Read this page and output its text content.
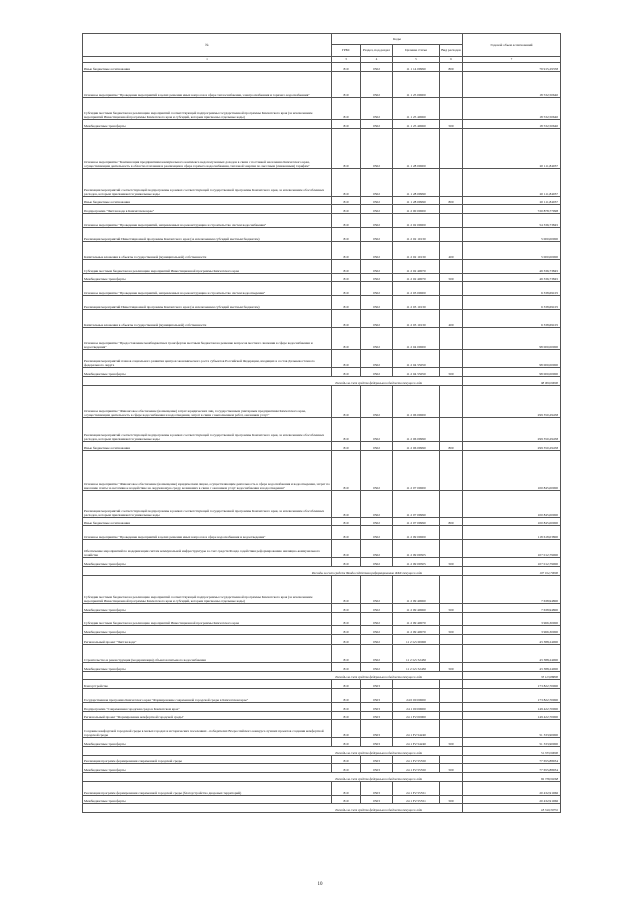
№	Коды				Годовой объем ассигнований
	ГРБС	Раздел, под-раздел	Целевая статья	Вид расходов	
1	3	4	5	6	7
Иные бюджетные ассигнования	810	0502	11 1 14 09990	800	79 915,29358
Основное мероприятие "Проведение мероприятий в целях решения иных вопросов в сфере теплоснабжения, электроснабжения и горячего водоснабжения"	810	0502	11 1 25 00000		18 532,50640
Субсидии местным бюджетам на реализацию мероприятий соответствующей подпрограммы государственной программы Камчатского края (за исключением мероприятий Инвестиционной программы Камчатского края и субсидий, которым присвоены отдельные коды)	810	0502	11 1 25 40060		18 532,50640
Межбюджетные трансферты	810	0502	11 1 25 40060	500	18 532,50640
Основное мероприятие "Компенсация предприятиям коммунального комплекса недополученных доходов в связи с поставкой населению Камчатского края, осуществляющим деятельность в области отопления и реализации в сфере горячего водоснабжения, тепловой энергии по льготным (сниженным) тарифам"	810	0502	11 1 28 00000		20 111,84037
Реализация мероприятий соответствующей подпрограммы в рамках соответствующей государственной программы Камчатского края, за исключением обособленных расходов, которым присваиваются уникальные коды	810	0502	11 1 28 09990		20 111,84037
Иные бюджетные ассигнования	810	0502	11 1 28 09990	800	20 111,84037
Подпрограмма "Чистая вода в Камчатском крае"	810	0502	11 2 00 00000		720 878,77098
Основное мероприятие "Проведение мероприятий, направленных на реконструкцию и строительство систем водоснабжения"	810	0502	11 2 02 00000		54 336,73845
Реализация мероприятий Инвестиционной программы Камчатского края (за исключением субсидий местным бюджетам)	810	0502	11 2 02 10130		5 000,00000
Капитальные вложения в объекты государственной (муниципальной) собственности	810	0502	11 2 02 10130	400	5 000,00000
Субсидии местным бюджетам на реализацию мероприятий Инвестиционной программы Камчатского края	810	0502	11 2 02 40070		49 336,73845
Межбюджетные трансферты	810	0502	11 2 02 40070	500	49 336,73845
Основное мероприятие "Проведение мероприятий, направленных на реконструкцию и строительство систем водоотведения"	810	0502	11 2 03 00000		6 338,69105
Реализация мероприятий Инвестиционной программы Камчатского края (за исключением субсидий местным бюджетам)	810	0502	11 2 03 10130		6 338,69105
Капитальные вложения в объекты государственной (муниципальной) собственности	810	0502	11 2 03 10130	400	6 338,69105
Основное мероприятие "Предоставление межбюджетных трансфертов местным бюджетам на решение вопросов местного значения в сфере водоснабжения и водоотведения"	810	0502	11 2 04 00000		98 000,00000
Реализация мероприятий планов социального развития центров экономического роста субъектов Российской Федерации, входящих в состав Дальневосточного федерального округа	810	0502	11 2 04 55050		98 000,00000
Межбюджетные трансферты	810	0502	11 2 04 55050	500	98 000,00000
Расходы за счет средств федерального бюджета текущего года					98 000,00000
Основное мероприятие "Финансовое обеспечение (возмещение) затрат юридических лиц, государственным унитарным предприятиям Камчатского края, осуществляющим деятельность в сфере водоснабжения и водоотведения, затрат в связи с выполнением работ, оказанием услуг"	810	0502	11 2 06 00000		299 350,29458
Реализация мероприятий соответствующей подпрограммы в рамках соответствующей государственной программы Камчатского края, за исключением обособленных расходов, которым присваиваются уникальные коды	810	0502	11 2 06 09990		299 350,29458
Иные бюджетные ассигнования	810	0502	11 2 06 09990	800	299 350,29458
Основное мероприятие "Финансовое обеспечение (возмещение) юридическим лицам, осуществляющим деятельность в сфере водоснабжения и водоотведения, затрат по внесению платы за негативное воздействие на окружающую среду, возникших в связи с оказанием услуг водоснабжения и водоотведения"	810	0502	11 2 07 00000		100 845,00000
Реализация мероприятий соответствующей подпрограммы в рамках соответствующей государственной программы Камчатского края, за исключением обособленных расходов, которым присваиваются уникальные коды	810	0502	11 2 07 09990		100 845,00000
Иные бюджетные ассигнования	810	0502	11 2 07 09990	800	100 845,00000
Основное мероприятие "Проведение мероприятий в целях решения иных вопросов в сфере водоснабжения и водоотведения"	810	0502	11 2 09 00000		118 618,03800
Обеспечение мероприятий по модернизации систем коммунальной инфраструктуры за счет средств Фонда содействия реформированию жилищно-коммунального хозяйства	810	0502	11 2 09 09505		107 012,79000
Межбюджетные трансферты	810	0502	11 2 09 09505	500	107 012,79000
Расходы за счет средств Фонда содействия реформированию ЖКХ текущего года					107 012,79000
Субсидии местным бюджетам на реализацию мероприятий соответствующей подпрограммы государственной программы Камчатского края (за исключением мероприятий Инвестиционной программы Камчатского края и субсидий, которым присвоены отдельные коды)	810	0502	11 2 09 40060		7 638,94800
Межбюджетные трансферты	810	0502	11 2 09 40060	500	7 638,94800
Субсидии местным бюджетам на реализацию мероприятий Инвестиционной программы Камчатского края	810	0502	11 2 09 40070		3 966,30000
Межбюджетные трансферты	810	0502	11 2 09 40070	500	3 966,30000
Региональный проект "Чистая вода"	810	0502	11 2 G5 00000		43 388,24000
Строительство и реконструкция (модернизация) объектов питьевого водоснабжения	810	0502	11 2 G5 52430		43 388,24000
Межбюджетные трансферты	810	0502	11 2 G5 52430	500	43 388,24000
Расходы за счет средств федерального бюджета текущего года					33 123,88800
Благоустройство	810	0503			173 822,70000
Государственная программа Камчатского края "Формирование современной городской среды в Камчатском крае"	810	0503	24 0 00 00000		173 822,70000
Подпрограмма "Современная городская среда в Камчатском крае"	810	0503	24 1 00 00000		149 422,70000
Региональный проект "Формирование комфортной городской среды"	810	0503	24 1 F2 00000		149 422,70000
Создание комфортной городской среды в малых городах и исторических поселениях - победителях Всероссийского конкурса лучших проектов создания комфортной городской среды	810	0503	24 1 F2 54240		51 333,90000
Межбюджетные трансферты	810	0503	24 1 F2 54240	500	51 333,90000
Расходы за счет средств федерального бюджета текущего года					51 333,90000
Реализация программ формирования современной городской среды	810	0503	24 1 F2 55550		77 655,88934
Межбюджетные трансферты	810	0503	24 1 F2 55550	500	77 655,88934
Расходы за счет средств федерального бюджета текущего года					69 738,99268
Реализация программ формирования современной городской среды (благоустройство дворовых территорий)	810	0503	24 1 F2 55551		20 432,91066
Межбюджетные трансферты	810	0503	24 1 F2 55551	500	20 432,91066
Расходы за счет средств федерального бюджета текущего года					18 349,30732
10
